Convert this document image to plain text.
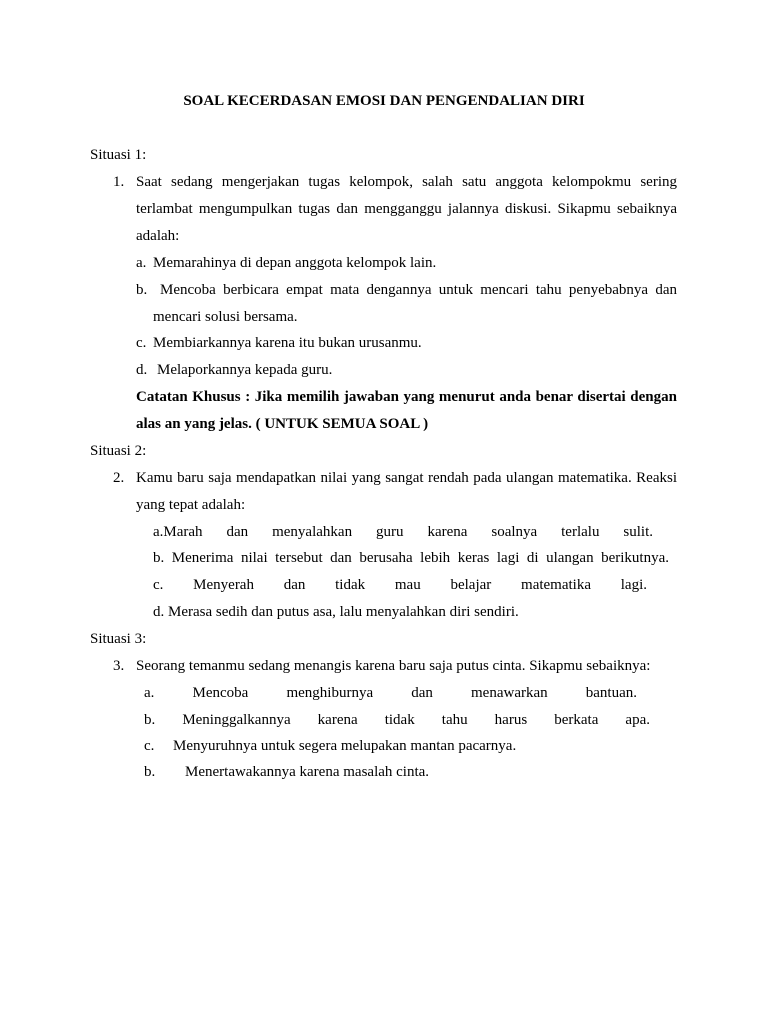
SOAL KECERDASAN EMOSI DAN PENGENDALIAN DIRI
Situasi 1:
1. Saat sedang mengerjakan tugas kelompok, salah satu anggota kelompokmu sering
terlambat mengumpulkan tugas dan mengganggu jalannya diskusi. Sikapmu sebaiknya
adalah:
a. Memarahinya di depan anggota kelompok lain.
b. Mencoba berbicara empat mata dengannya untuk mencari tahu penyebabnya dan
mencari solusi bersama.
c. Membiarkannya karena itu bukan urusanmu.
d. Melaporkannya kepada guru.
Catatan Khusus : Jika memilih jawaban yang menurut anda benar disertai dengan
alas an yang jelas. ( UNTUK SEMUA SOAL )
Situasi 2:
2. Kamu baru saja mendapatkan nilai yang sangat rendah pada ulangan matematika. Reaksi
yang tepat adalah:
a.Marah dan menyalahkan guru karena soalnya terlalu sulit.
b. Menerima nilai tersebut dan berusaha lebih keras lagi di ulangan berikutnya.
c. Menyerah dan tidak mau belajar matematika lagi.
d. Merasa sedih dan putus asa, lalu menyalahkan diri sendiri.
Situasi 3:
3. Seorang temanmu sedang menangis karena baru saja putus cinta. Sikapmu sebaiknya:
a. Mencoba menghiburnya dan menawarkan bantuan.
b. Meninggalkannya karena tidak tahu harus berkata apa.
c. Menyuruhnya untuk segera melupakan mantan pacarnya.
b. Menertawakannya karena masalah cinta.
